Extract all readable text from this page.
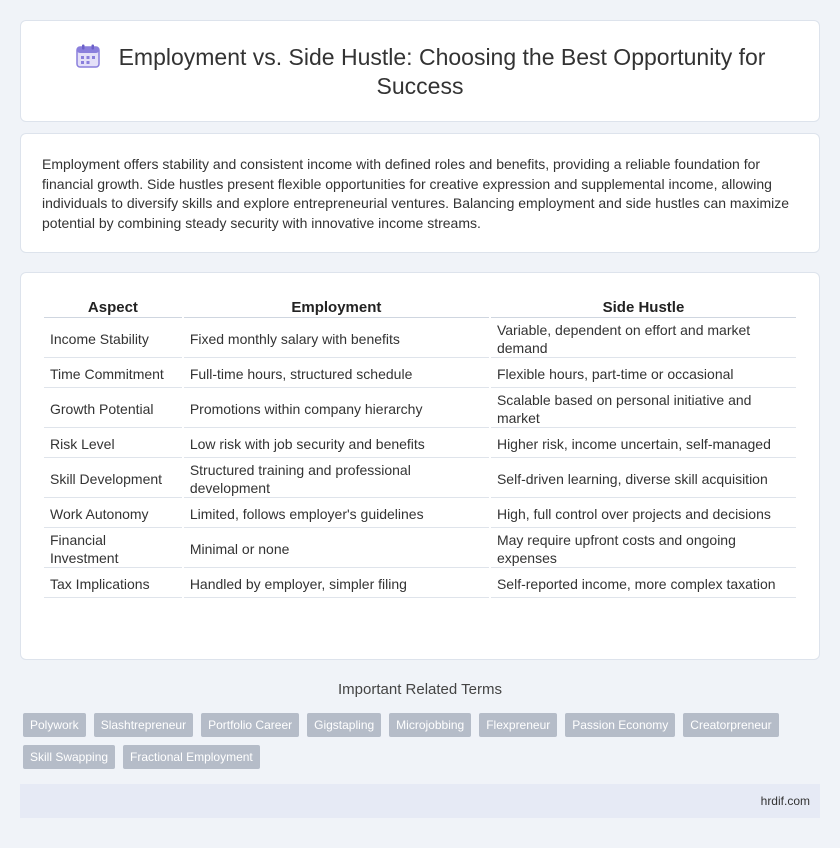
Employment vs. Side Hustle: Choosing the Best Opportunity for Success

Employment offers stability and consistent income with defined roles and benefits, providing a reliable foundation for financial growth. Side hustles present flexible opportunities for creative expression and supplemental income, allowing individuals to diversify skills and explore entrepreneurial ventures. Balancing employment and side hustles can maximize potential by combining steady security with innovative income streams.

Aspect	Employment	Side Hustle
Income Stability	Fixed monthly salary with benefits	Variable, dependent on effort and market demand
Time Commitment	Full-time hours, structured schedule	Flexible hours, part-time or occasional
Growth Potential	Promotions within company hierarchy	Scalable based on personal initiative and market
Risk Level	Low risk with job security and benefits	Higher risk, income uncertain, self-managed
Skill Development	Structured training and professional development	Self-driven learning, diverse skill acquisition
Work Autonomy	Limited, follows employer's guidelines	High, full control over projects and decisions
Financial Investment	Minimal or none	May require upfront costs and ongoing expenses
Tax Implications	Handled by employer, simpler filing	Self-reported income, more complex taxation
Important Related Terms
Polywork	Slashtrepreneur	Portfolio Career	Gigstapling	Microjobbing	Flexpreneur	Passion Economy	Creatorpreneur
Skill Swapping	Fractional Employment
hrdif.com
